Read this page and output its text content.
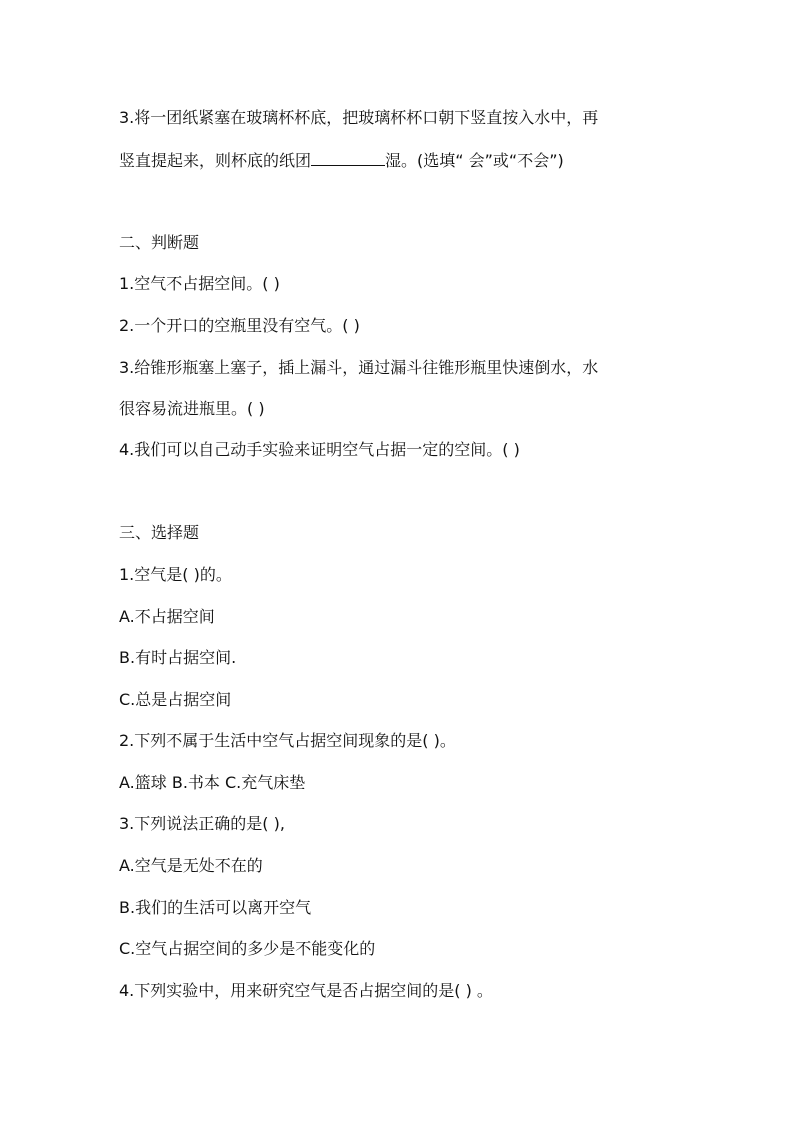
3.将一团纸紧塞在玻璃杯杯底，把玻璃杯杯口朝下竖直按入水中，再
竖直提起来，则杯底的纸团	湿。(选填“ 会”或“不会”)
二、判断题
1.空气不占据空间。( )
2.一个开口的空瓶里没有空气。( )
3.给锥形瓶塞上塞子，插上漏斗，通过漏斗往锥形瓶里快速倒水，水
很容易流进瓶里。( )
4.我们可以自己动手实验来证明空气占据一定的空间。( )
三、选择题
1.空气是( )的。
A.不占据空间
B.有时占据空间.
C.总是占据空间
2.下列不属于生活中空气占据空间现象的是( )。
A.篮球 B.书本 C.充气床垫
3.下列说法正确的是( ),
A.空气是无处不在的
B.我们的生活可以离开空气
C.空气占据空间的多少是不能变化的
4.下列实验中，用来研究空气是否占据空间的是( ) 。
